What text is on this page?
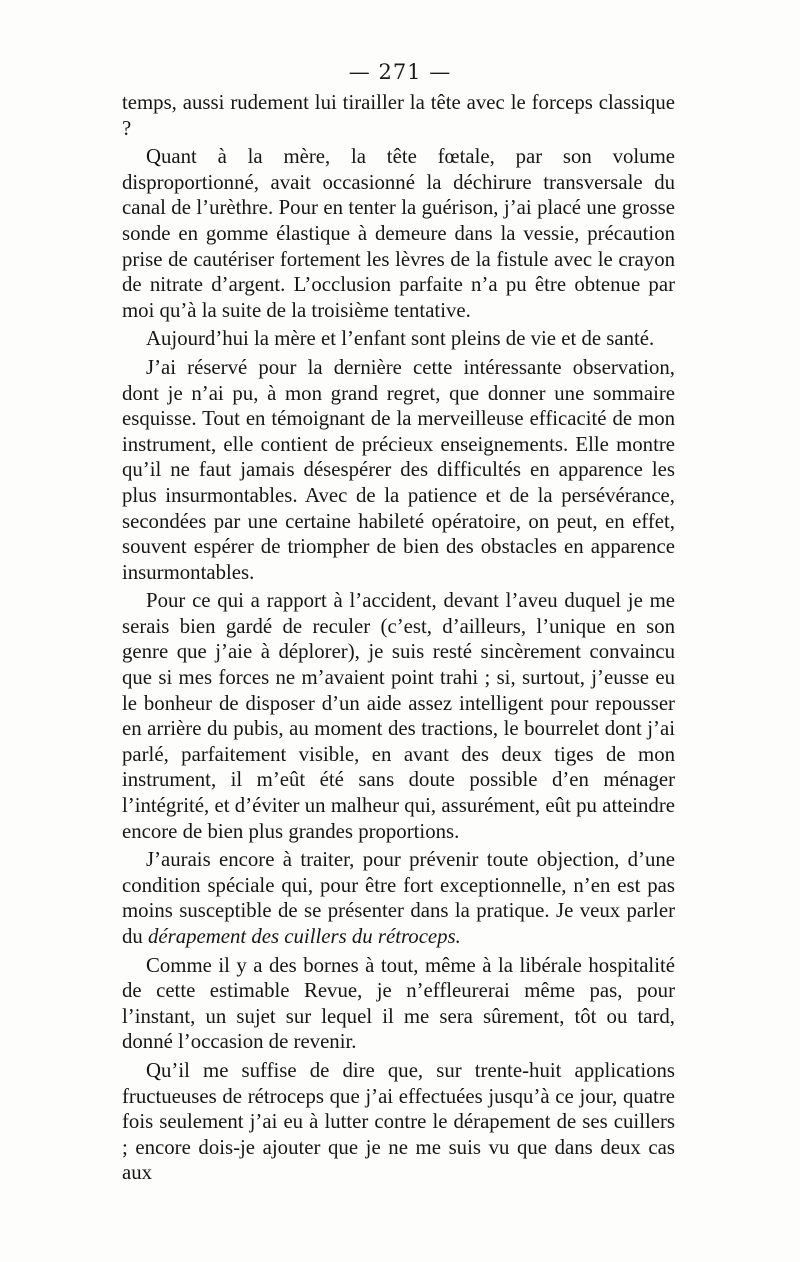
— 271 —

temps, aussi rudement lui tirailler la tête avec le forceps classique ?

Quant à la mère, la tête fœtale, par son volume disproportionné, avait occasionné la déchirure transversale du canal de l’urèthre. Pour en tenter la guérison, j’ai placé une grosse sonde en gomme élastique à demeure dans la vessie, précaution prise de cautériser fortement les lèvres de la fistule avec le crayon de nitrate d’argent. L’occlusion parfaite n’a pu être obtenue par moi qu’à la suite de la troisième tentative.

Aujourd’hui la mère et l’enfant sont pleins de vie et de santé.

J’ai réservé pour la dernière cette intéressante observation, dont je n’ai pu, à mon grand regret, que donner une sommaire esquisse. Tout en témoignant de la merveilleuse efficacité de mon instrument, elle contient de précieux enseignements. Elle montre qu’il ne faut jamais désespérer des difficultés en apparence les plus insurmontables. Avec de la patience et de la persévérance, secondées par une certaine habileté opératoire, on peut, en effet, souvent espérer de triompher de bien des obstacles en apparence insurmontables.

Pour ce qui a rapport à l’accident, devant l’aveu duquel je me serais bien gardé de reculer (c’est, d’ailleurs, l’unique en son genre que j’aie à déplorer), je suis resté sincèrement convaincu que si mes forces ne m’avaient point trahi ; si, surtout, j’eusse eu le bonheur de disposer d’un aide assez intelligent pour repousser en arrière du pubis, au moment des tractions, le bourrelet dont j’ai parlé, parfaitement visible, en avant des deux tiges de mon instrument, il m’eût été sans doute possible d’en ménager l’intégrité, et d’éviter un malheur qui, assurément, eût pu atteindre encore de bien plus grandes proportions.

J’aurais encore à traiter, pour prévenir toute objection, d’une condition spéciale qui, pour être fort exceptionnelle, n’en est pas moins susceptible de se présenter dans la pratique. Je veux parler du dérapement des cuillers du rétroceps.

Comme il y a des bornes à tout, même à la libérale hospitalité de cette estimable Revue, je n’effleurerai même pas, pour l’instant, un sujet sur lequel il me sera sûrement, tôt ou tard, donné l’occasion de revenir.

Qu’il me suffise de dire que, sur trente-huit applications fructueuses de rétroceps que j’ai effectuées jusqu’à ce jour, quatre fois seulement j’ai eu à lutter contre le dérapement de ses cuillers ; encore dois-je ajouter que je ne me suis vu que dans deux cas aux
